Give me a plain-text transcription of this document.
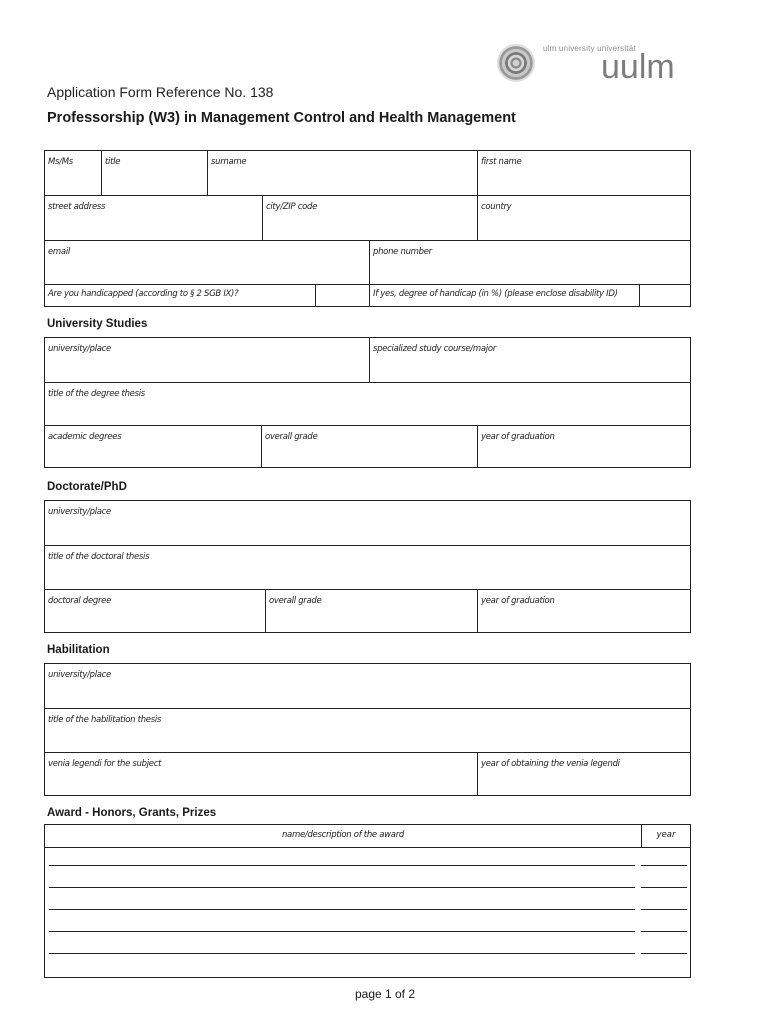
ulm university universität
uulm
Application Form Reference No. 138
Professorship (W3) in Management Control and Health Management
Ms/Ms	title	surname	first name
street address	city/ZIP code	country
email	phone number
Are you handicapped (according to § 2 SGB IX)?	If yes, degree of handicap (in %) (please enclose disability ID)
University Studies
university/place	specialized study course/major
title of the degree thesis
academic degrees	overall grade	year of graduation
Doctorate/PhD
university/place
title of the doctoral thesis
doctoral degree	overall grade	year of graduation
Habilitation
university/place
title of the habilitation thesis
venia legendi for the subject	year of obtaining the venia legendi
Award - Honors, Grants, Prizes
name/description of the award	year
page 1 of 2
